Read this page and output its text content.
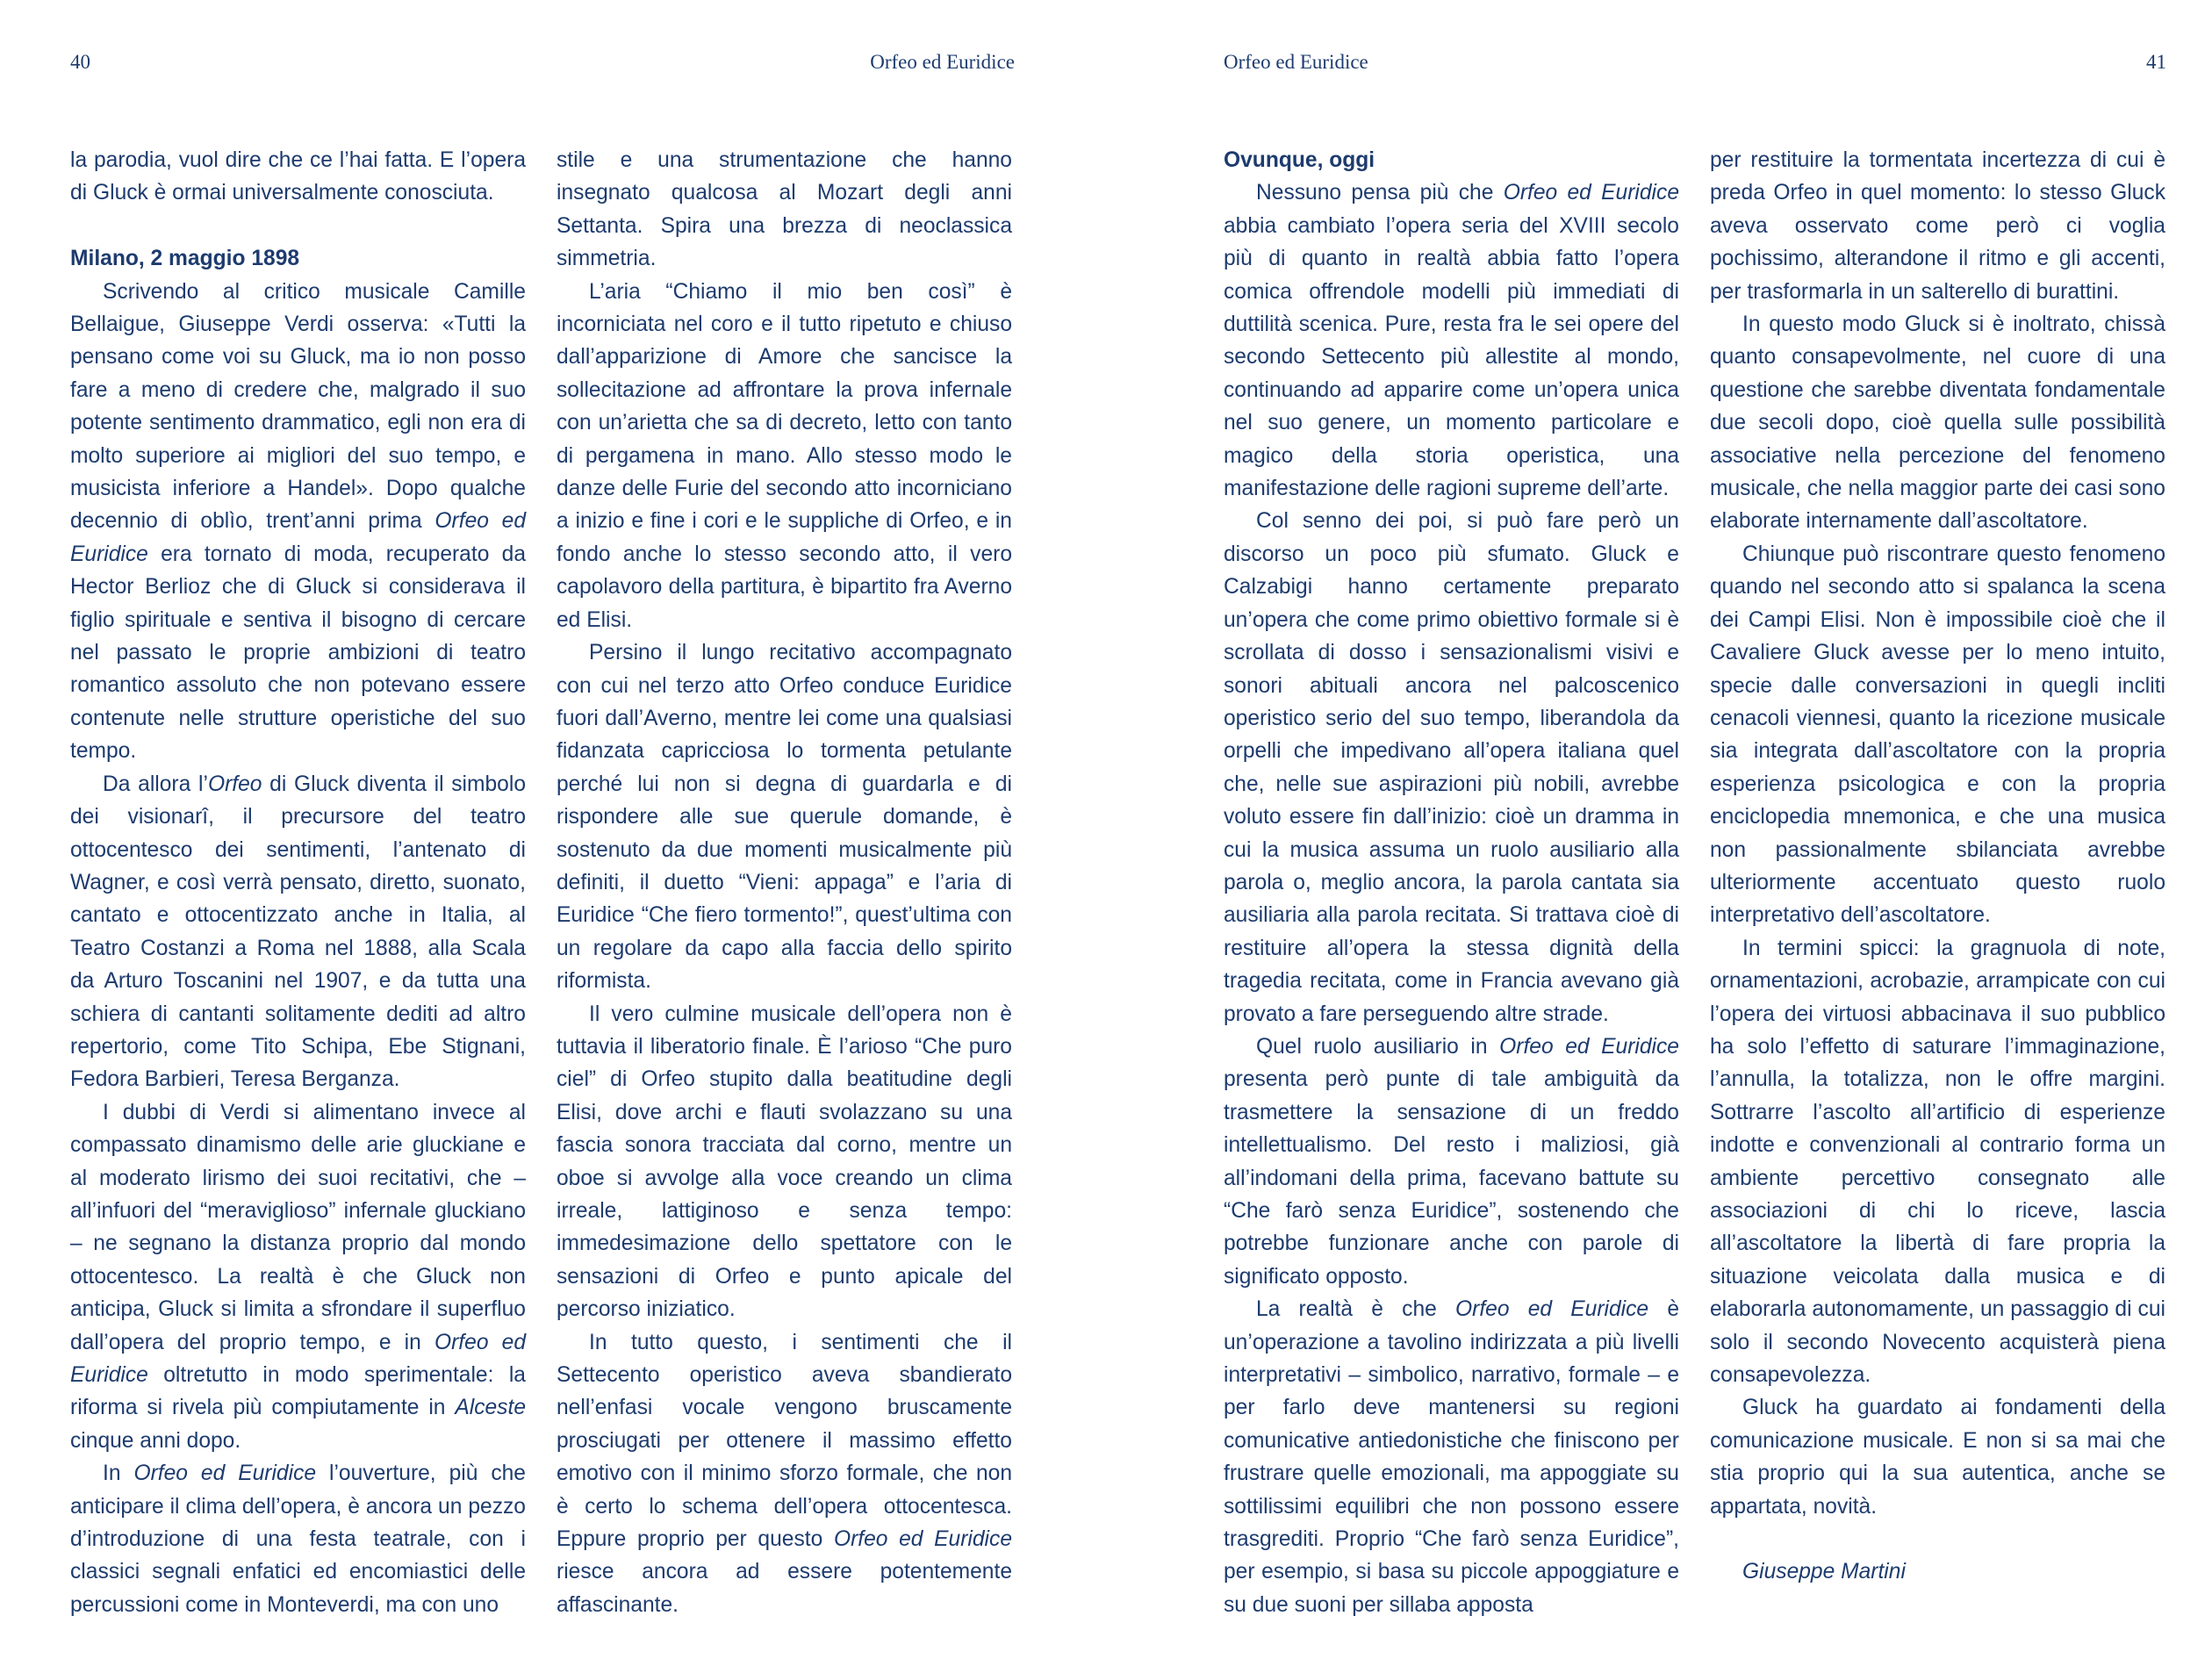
40	Orfeo ed Euridice

la parodia, vuol dire che ce l’hai fatta. E l’opera di Gluck è ormai universalmente conosciuta.

Milano, 2 maggio 1898

Scrivendo al critico musicale Camille Bellaigue, Giuseppe Verdi osserva: «Tutti la pensano come voi su Gluck, ma io non posso fare a meno di credere che, malgrado il suo potente sentimento drammatico, egli non era di molto superiore ai migliori del suo tempo, e musicista inferiore a Handel». Dopo qualche decennio di oblìo, trent’anni prima Orfeo ed Euridice era tornato di moda, recuperato da Hector Berlioz che di Gluck si considerava il figlio spirituale e sentiva il bisogno di cercare nel passato le proprie ambizioni di teatro romantico assoluto che non potevano essere contenute nelle strutture operistiche del suo tempo.

Da allora l’Orfeo di Gluck diventa il simbolo dei visionarî, il precursore del teatro ottocentesco dei sentimenti, l’antenato di Wagner, e così verrà pensato, diretto, suonato, cantato e ottocentizzato anche in Italia, al Teatro Costanzi a Roma nel 1888, alla Scala da Arturo Toscanini nel 1907, e da tutta una schiera di cantanti solitamente dediti ad altro repertorio, come Tito Schipa, Ebe Stignani, Fedora Barbieri, Teresa Berganza.

I dubbi di Verdi si alimentano invece al compassato dinamismo delle arie gluckiane e al moderato lirismo dei suoi recitativi, che – all’infuori del “meraviglioso” infernale gluckiano – ne segnano la distanza proprio dal mondo ottocentesco. La realtà è che Gluck non anticipa, Gluck si limita a sfrondare il superfluo dall’opera del proprio tempo, e in Orfeo ed Euridice oltretutto in modo sperimentale: la riforma si rivela più compiutamente in Alceste cinque anni dopo.

In Orfeo ed Euridice l’ouverture, più che anticipare il clima dell’opera, è ancora un pezzo d’introduzione di una festa teatrale, con i classici segnali enfatici ed encomiastici delle percussioni come in Monteverdi, ma con uno

stile e una strumentazione che hanno insegnato qualcosa al Mozart degli anni Settanta. Spira una brezza di neoclassica simmetria.

L’aria “Chiamo il mio ben così” è incorniciata nel coro e il tutto ripetuto e chiuso dall’apparizione di Amore che sancisce la sollecitazione ad affrontare la prova infernale con un’arietta che sa di decreto, letto con tanto di pergamena in mano. Allo stesso modo le danze delle Furie del secondo atto incorniciano a inizio e fine i cori e le suppliche di Orfeo, e in fondo anche lo stesso secondo atto, il vero capolavoro della partitura, è bipartito fra Averno ed Elisi.

Persino il lungo recitativo accompagnato con cui nel terzo atto Orfeo conduce Euridice fuori dall’Averno, mentre lei come una qualsiasi fidanzata capricciosa lo tormenta petulante perché lui non si degna di guardarla e di rispondere alle sue querule domande, è sostenuto da due momenti musicalmente più definiti, il duetto “Vieni: appaga” e l’aria di Euridice “Che fiero tormento!”, quest’ultima con un regolare da capo alla faccia dello spirito riformista.

Il vero culmine musicale dell’opera non è tuttavia il liberatorio finale. È l’arioso “Che puro ciel” di Orfeo stupito dalla beatitudine degli Elisi, dove archi e flauti svolazzano su una fascia sonora tracciata dal corno, mentre un oboe si avvolge alla voce creando un clima irreale, lattiginoso e senza tempo: immedesimazione dello spettatore con le sensazioni di Orfeo e punto apicale del percorso iniziatico.

In tutto questo, i sentimenti che il Settecento operistico aveva sbandierato nell’enfasi vocale vengono bruscamente prosciugati per ottenere il massimo effetto emotivo con il minimo sforzo formale, che non è certo lo schema dell’opera ottocentesca. Eppure proprio per questo Orfeo ed Euridice riesce ancora ad essere potentemente affascinante.

Orfeo ed Euridice	41
Ovunque, oggi

Nessuno pensa più che Orfeo ed Euridice abbia cambiato l’opera seria del XVIII secolo più di quanto in realtà abbia fatto l’opera comica offrendole modelli più immediati di duttilità scenica. Pure, resta fra le sei opere del secondo Settecento più allestite al mondo, continuando ad apparire come un’opera unica nel suo genere, un momento particolare e magico della storia operistica, una manifestazione delle ragioni supreme dell’arte.

Col senno dei poi, si può fare però un discorso un poco più sfumato. Gluck e Calzabigi hanno certamente preparato un’opera che come primo obiettivo formale si è scrollata di dosso i sensazionalismi visivi e sonori abituali ancora nel palcoscenico operistico serio del suo tempo, liberandola da orpelli che impedivano all’opera italiana quel che, nelle sue aspirazioni più nobili, avrebbe voluto essere fin dall’inizio: cioè un dramma in cui la musica assuma un ruolo ausiliario alla parola o, meglio ancora, la parola cantata sia ausiliaria alla parola recitata. Si trattava cioè di restituire all’opera la stessa dignità della tragedia recitata, come in Francia avevano già provato a fare perseguendo altre strade.

Quel ruolo ausiliario in Orfeo ed Euridice presenta però punte di tale ambiguità da trasmettere la sensazione di un freddo intellettualismo. Del resto i maliziosi, già all’indomani della prima, facevano battute su “Che farò senza Euridice”, sostenendo che potrebbe funzionare anche con parole di significato opposto.

La realtà è che Orfeo ed Euridice è un’operazione a tavolino indirizzata a più livelli interpretativi – simbolico, narrativo, formale – e per farlo deve mantenersi su regioni comunicative antiedonistiche che finiscono per frustrare quelle emozionali, ma appoggiate su sottilissimi equilibri che non possono essere trasgrediti. Proprio “Che farò senza Euridice”, per esempio, si basa su piccole appoggiature e su due suoni per sillaba apposta

per restituire la tormentata incertezza di cui è preda Orfeo in quel momento: lo stesso Gluck aveva osservato come però ci voglia pochissimo, alterandone il ritmo e gli accenti, per trasformarla in un salterello di burattini.

In questo modo Gluck si è inoltrato, chissà quanto consapevolmente, nel cuore di una questione che sarebbe diventata fondamentale due secoli dopo, cioè quella sulle possibilità associative nella percezione del fenomeno musicale, che nella maggior parte dei casi sono elaborate internamente dall’ascoltatore.

Chiunque può riscontrare questo fenomeno quando nel secondo atto si spalanca la scena dei Campi Elisi. Non è impossibile cioè che il Cavaliere Gluck avesse per lo meno intuito, specie dalle conversazioni in quegli incliti cenacoli viennesi, quanto la ricezione musicale sia integrata dall’ascoltatore con la propria esperienza psicologica e con la propria enciclopedia mnemonica, e che una musica non passionalmente sbilanciata avrebbe ulteriormente accentuato questo ruolo interpretativo dell’ascoltatore.

In termini spicci: la gragnuola di note, ornamentazioni, acrobazie, arrampicate con cui l’opera dei virtuosi abbacinava il suo pubblico ha solo l’effetto di saturare l’immaginazione, l’annulla, la totalizza, non le offre margini. Sottrarre l’ascolto all’artificio di esperienze indotte e convenzionali al contrario forma un ambiente percettivo consegnato alle associazioni di chi lo riceve, lascia all’ascoltatore la libertà di fare propria la situazione veicolata dalla musica e di elaborarla autonomamente, un passaggio di cui solo il secondo Novecento acquisterà piena consapevolezza.

Gluck ha guardato ai fondamenti della comunicazione musicale. E non si sa mai che stia proprio qui la sua autentica, anche se appartata, novità.

Giuseppe Martini
